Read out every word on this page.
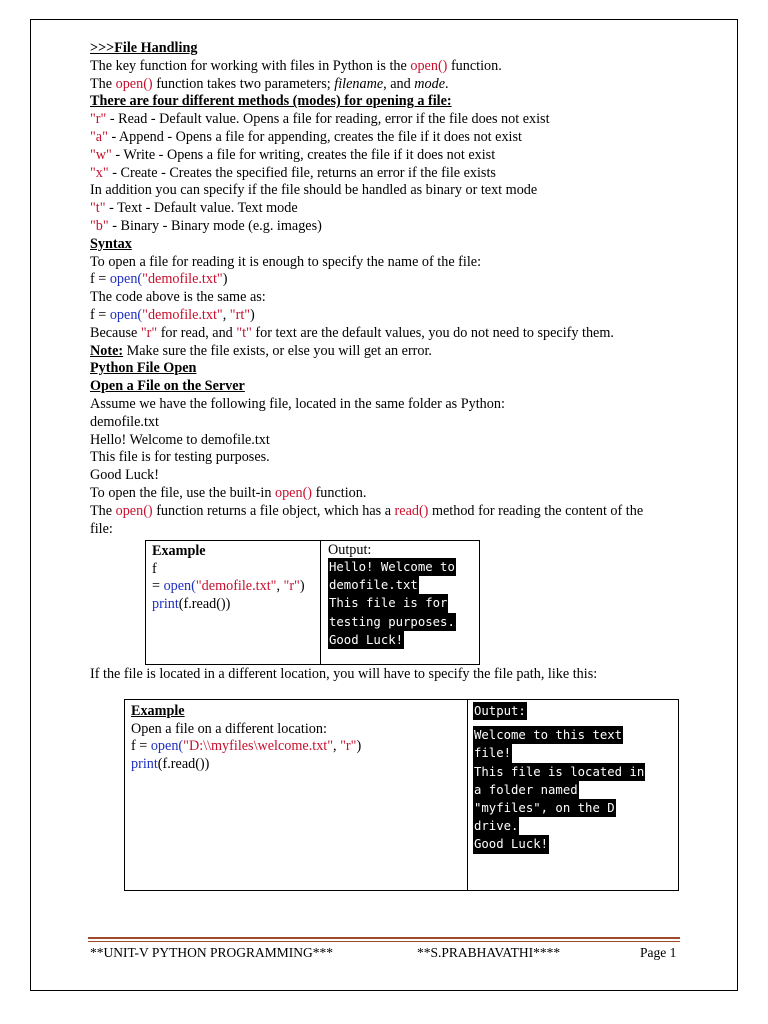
>>>File Handling
The key function for working with files in Python is the open() function.
The open() function takes two parameters; filename, and mode.
There are four different methods (modes) for opening a file:
"r" - Read - Default value. Opens a file for reading, error if the file does not exist
"a" - Append - Opens a file for appending, creates the file if it does not exist
"w" - Write - Opens a file for writing, creates the file if it does not exist
"x" - Create - Creates the specified file, returns an error if the file exists
In addition you can specify if the file should be handled as binary or text mode
"t" - Text - Default value. Text mode
"b" - Binary - Binary mode (e.g. images)
Syntax
To open a file for reading it is enough to specify the name of the file:
f = open("demofile.txt")
The code above is the same as:
f = open("demofile.txt", "rt")
Because "r" for read, and "t" for text are the default values, you do not need to specify them.
Note: Make sure the file exists, or else you will get an error.
Python File Open
Open a File on the Server
Assume we have the following file, located in the same folder as Python:
demofile.txt
Hello! Welcome to demofile.txt
This file is for testing purposes.
Good Luck!
To open the file, use the built-in open() function.
The open() function returns a file object, which has a read() method for reading the content of the
file:
Example
f
= open("demofile.txt", "r")
print(f.read())
Output:
Hello! Welcome to
demofile.txt
This file is for
testing purposes.
Good Luck!
If the file is located in a different location, you will have to specify the file path, like this:
Example
Open a file on a different location:
f = open("D:\\myfiles\welcome.txt", "r")
print(f.read())
Output:
Welcome to this text
file!
This file is located in
a folder named
"myfiles", on the D
drive.
Good Luck!
**UNIT-V PYTHON PROGRAMMING***	**S.PRABHAVATHI****	Page 1
